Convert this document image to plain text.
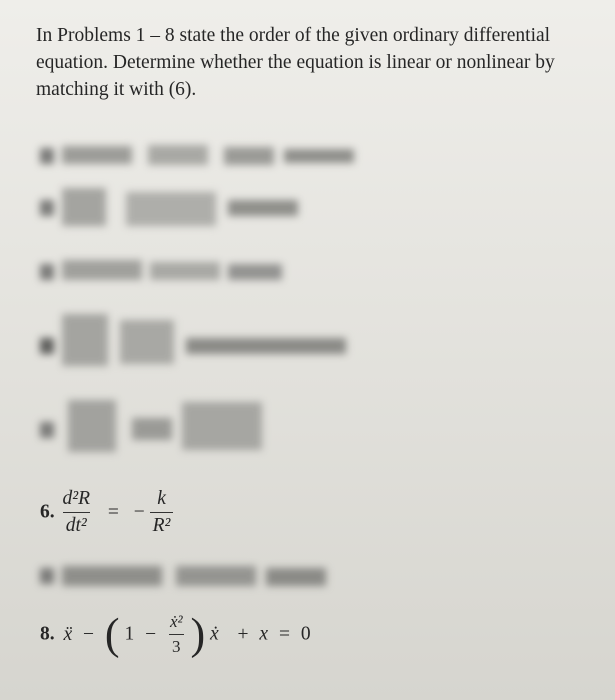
In Problems 1 – 8 state the order of the given ordinary differential equation. Determine whether the equation is linear or nonlinear by matching it with (6).

6. $\frac{\text{d²R}}{\text{dt²}}$ = − $\frac{k}{\text{R²}}$
8. ẍ − ( $1 - \frac{\text{ẋ²}}{3}$ ) ẋ + x = 0
